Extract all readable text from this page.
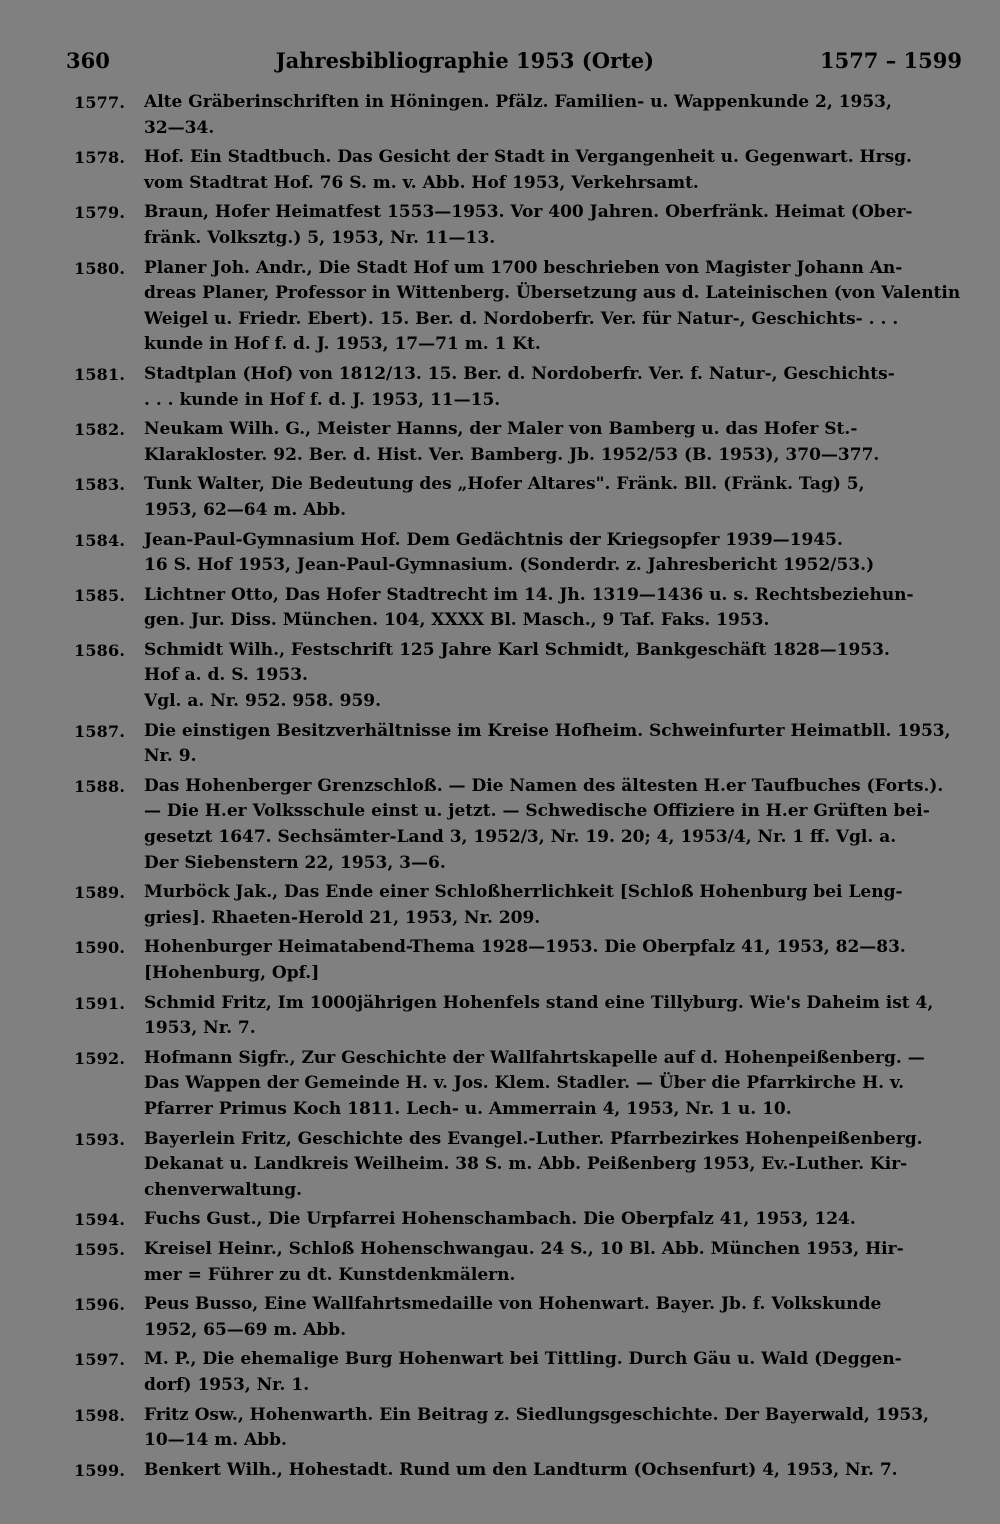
360	Jahresbibliographie 1953 (Orte)	1577 – 1599
1577.	Alte Gräberinschriften in Höningen. Pfälz. Familien- u. Wappenkunde 2, 1953,
32—34.

1578.	Hof. Ein Stadtbuch. Das Gesicht der Stadt in Vergangenheit u. Gegenwart. Hrsg.
vom Stadtrat Hof. 76 S. m. v. Abb. Hof 1953, Verkehrsamt.

1579.	Braun, Hofer Heimatfest 1553—1953. Vor 400 Jahren. Oberfränk. Heimat (Ober-
fränk. Volksztg.) 5, 1953, Nr. 11—13.

1580.	Planer Joh. Andr., Die Stadt Hof um 1700 beschrieben von Magister Johann An-
dreas Planer, Professor in Wittenberg. Übersetzung aus d. Lateinischen (von Valentin
Weigel u. Friedr. Ebert). 15. Ber. d. Nordoberfr. Ver. für Natur-, Geschichts- . . .
kunde in Hof f. d. J. 1953, 17—71 m. 1 Kt.

1581.	Stadtplan (Hof) von 1812/13. 15. Ber. d. Nordoberfr. Ver. f. Natur-, Geschichts-
. . . kunde in Hof f. d. J. 1953, 11—15.

1582.	Neukam Wilh. G., Meister Hanns, der Maler von Bamberg u. das Hofer St.-
Klarakloster. 92. Ber. d. Hist. Ver. Bamberg. Jb. 1952/53 (B. 1953), 370—377.

1583.	Tunk Walter, Die Bedeutung des „Hofer Altares". Fränk. Bll. (Fränk. Tag) 5,
1953, 62—64 m. Abb.

1584.	Jean-Paul-Gymnasium Hof. Dem Gedächtnis der Kriegsopfer 1939—1945.
16 S. Hof 1953, Jean-Paul-Gymnasium. (Sonderdr. z. Jahresbericht 1952/53.)

1585.	Lichtner Otto, Das Hofer Stadtrecht im 14. Jh. 1319—1436 u. s. Rechtsbeziehun-
gen. Jur. Diss. München. 104, XXXX Bl. Masch., 9 Taf. Faks. 1953.

1586.	Schmidt Wilh., Festschrift 125 Jahre Karl Schmidt, Bankgeschäft 1828—1953.
Hof a. d. S. 1953.
Vgl. a. Nr. 952. 958. 959.

1587.	Die einstigen Besitzverhältnisse im Kreise Hofheim. Schweinfurter Heimatbll. 1953,
Nr. 9.

1588.	Das Hohenberger Grenzschloß. — Die Namen des ältesten H.er Taufbuches (Forts.).
— Die H.er Volksschule einst u. jetzt. — Schwedische Offiziere in H.er Grüften bei-
gesetzt 1647. Sechsämter-Land 3, 1952/3, Nr. 19. 20; 4, 1953/4, Nr. 1 ff. Vgl. a.
Der Siebenstern 22, 1953, 3—6.

1589.	Murböck Jak., Das Ende einer Schloßherrlichkeit [Schloß Hohenburg bei Leng-
gries]. Rhaeten-Herold 21, 1953, Nr. 209.

1590.	Hohenburger Heimatabend-Thema 1928—1953. Die Oberpfalz 41, 1953, 82—83.
[Hohenburg, Opf.]

1591.	Schmid Fritz, Im 1000jährigen Hohenfels stand eine Tillyburg. Wie's Daheim ist 4,
1953, Nr. 7.

1592.	Hofmann Sigfr., Zur Geschichte der Wallfahrtskapelle auf d. Hohenpeißenberg. —
Das Wappen der Gemeinde H. v. Jos. Klem. Stadler. — Über die Pfarrkirche H. v.
Pfarrer Primus Koch 1811. Lech- u. Ammerrain 4, 1953, Nr. 1 u. 10.

1593.	Bayerlein Fritz, Geschichte des Evangel.-Luther. Pfarrbezirkes Hohenpeißenberg.
Dekanat u. Landkreis Weilheim. 38 S. m. Abb. Peißenberg 1953, Ev.-Luther. Kir-
chenverwaltung.

1594.	Fuchs Gust., Die Urpfarrei Hohenschambach. Die Oberpfalz 41, 1953, 124.

1595.	Kreisel Heinr., Schloß Hohenschwangau. 24 S., 10 Bl. Abb. München 1953, Hir-
mer = Führer zu dt. Kunstdenkmälern.

1596.	Peus Busso, Eine Wallfahrtsmedaille von Hohenwart. Bayer. Jb. f. Volkskunde
1952, 65—69 m. Abb.

1597.	M. P., Die ehemalige Burg Hohenwart bei Tittling. Durch Gäu u. Wald (Deggen-
dorf) 1953, Nr. 1.

1598.	Fritz Osw., Hohenwarth. Ein Beitrag z. Siedlungsgeschichte. Der Bayerwald, 1953,
10—14 m. Abb.

1599.	Benkert Wilh., Hohestadt. Rund um den Landturm (Ochsenfurt) 4, 1953, Nr. 7.
